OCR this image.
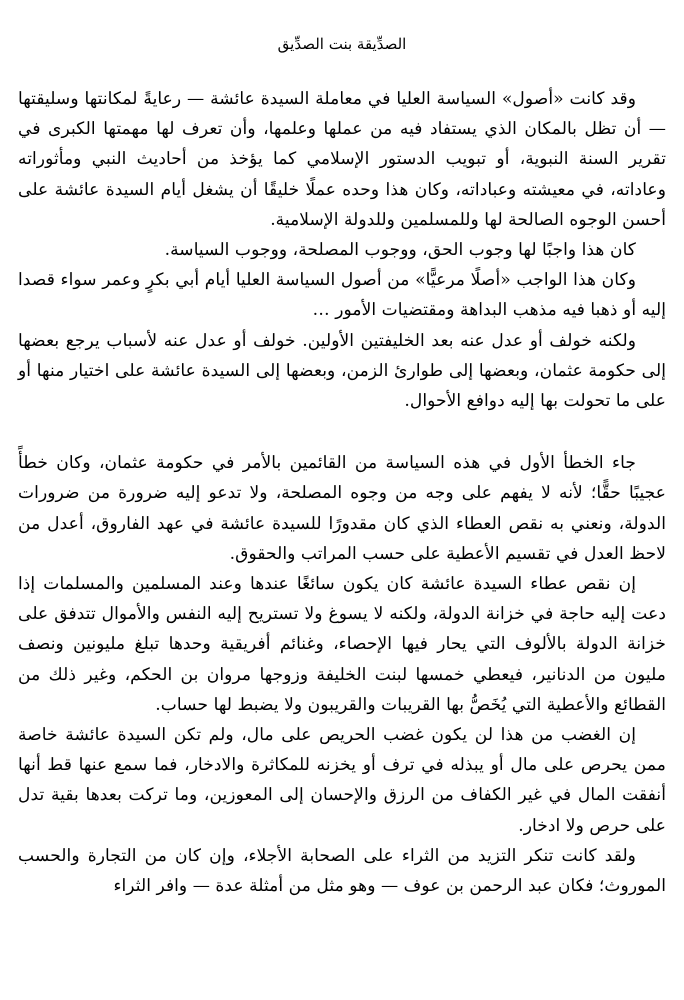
الصدِّيقة بنت الصدِّيق

وقد كانت «أصول» السياسة العليا في معاملة السيدة عائشة — رعايةً لمكانتها وسليقتها — أن تظل بالمكان الذي يستفاد فيه من عملها وعلمها، وأن تعرف لها مهمتها الكبرى في تقرير السنة النبوية، أو تبويب الدستور الإسلامي كما يؤخذ من أحاديث النبي ومأثوراته وعاداته، في معيشته وعباداته، وكان هذا وحده عملًا خليقًا أن يشغل أيام السيدة عائشة على أحسن الوجوه الصالحة لها وللمسلمين وللدولة الإسلامية.

كان هذا واجبًا لها وجوب الحق، ووجوب المصلحة، ووجوب السياسة.

وكان هذا الواجب «أصلًا مرعيًّا» من أصول السياسة العليا أيام أبي بكرٍ وعمر سواء قصدا إليه أو ذهبا فيه مذهب البداهة ومقتضيات الأمور …

ولكنه خولف أو عدل عنه بعد الخليفتين الأولين. خولف أو عدل عنه لأسباب يرجع بعضها إلى حكومة عثمان، وبعضها إلى طوارئ الزمن، وبعضها إلى السيدة عائشة على اختيار منها أو على ما تحولت بها إليه دوافع الأحوال.

جاء الخطأ الأول في هذه السياسة من القائمين بالأمر في حكومة عثمان، وكان خطأً عجيبًا حقًّا؛ لأنه لا يفهم على وجه من وجوه المصلحة، ولا تدعو إليه ضرورة من ضرورات الدولة، ونعني به نقص العطاء الذي كان مقدورًا للسيدة عائشة في عهد الفاروق، أعدل من لاحظ العدل في تقسيم الأعطية على حسب المراتب والحقوق.

إن نقص عطاء السيدة عائشة كان يكون سائغًا عندها وعند المسلمين والمسلمات إذا دعت إليه حاجة في خزانة الدولة، ولكنه لا يسوغ ولا تستريح إليه النفس والأموال تتدفق على خزانة الدولة بالألوف التي يحار فيها الإحصاء، وغنائم أفريقية وحدها تبلغ مليونين ونصف مليون من الدنانير، فيعطي خمسها لبنت الخليفة وزوجها مروان بن الحكم، وغير ذلك من القطائع والأعطية التي يُخَصُّ بها القريبات والقريبون ولا يضبط لها حساب.

إن الغضب من هذا لن يكون غضب الحريص على مال، ولم تكن السيدة عائشة خاصة ممن يحرص على مال أو يبذله في ترف أو يخزنه للمكاثرة والادخار، فما سمع عنها قط أنها أنفقت المال في غير الكفاف من الرزق والإحسان إلى المعوزين، وما تركت بعدها بقية تدل على حرص ولا ادخار.

ولقد كانت تنكر التزيد من الثراء على الصحابة الأجلاء، وإن كان من التجارة والحسب الموروث؛ فكان عبد الرحمن بن عوف — وهو مثل من أمثلة عدة — وافر الثراء
